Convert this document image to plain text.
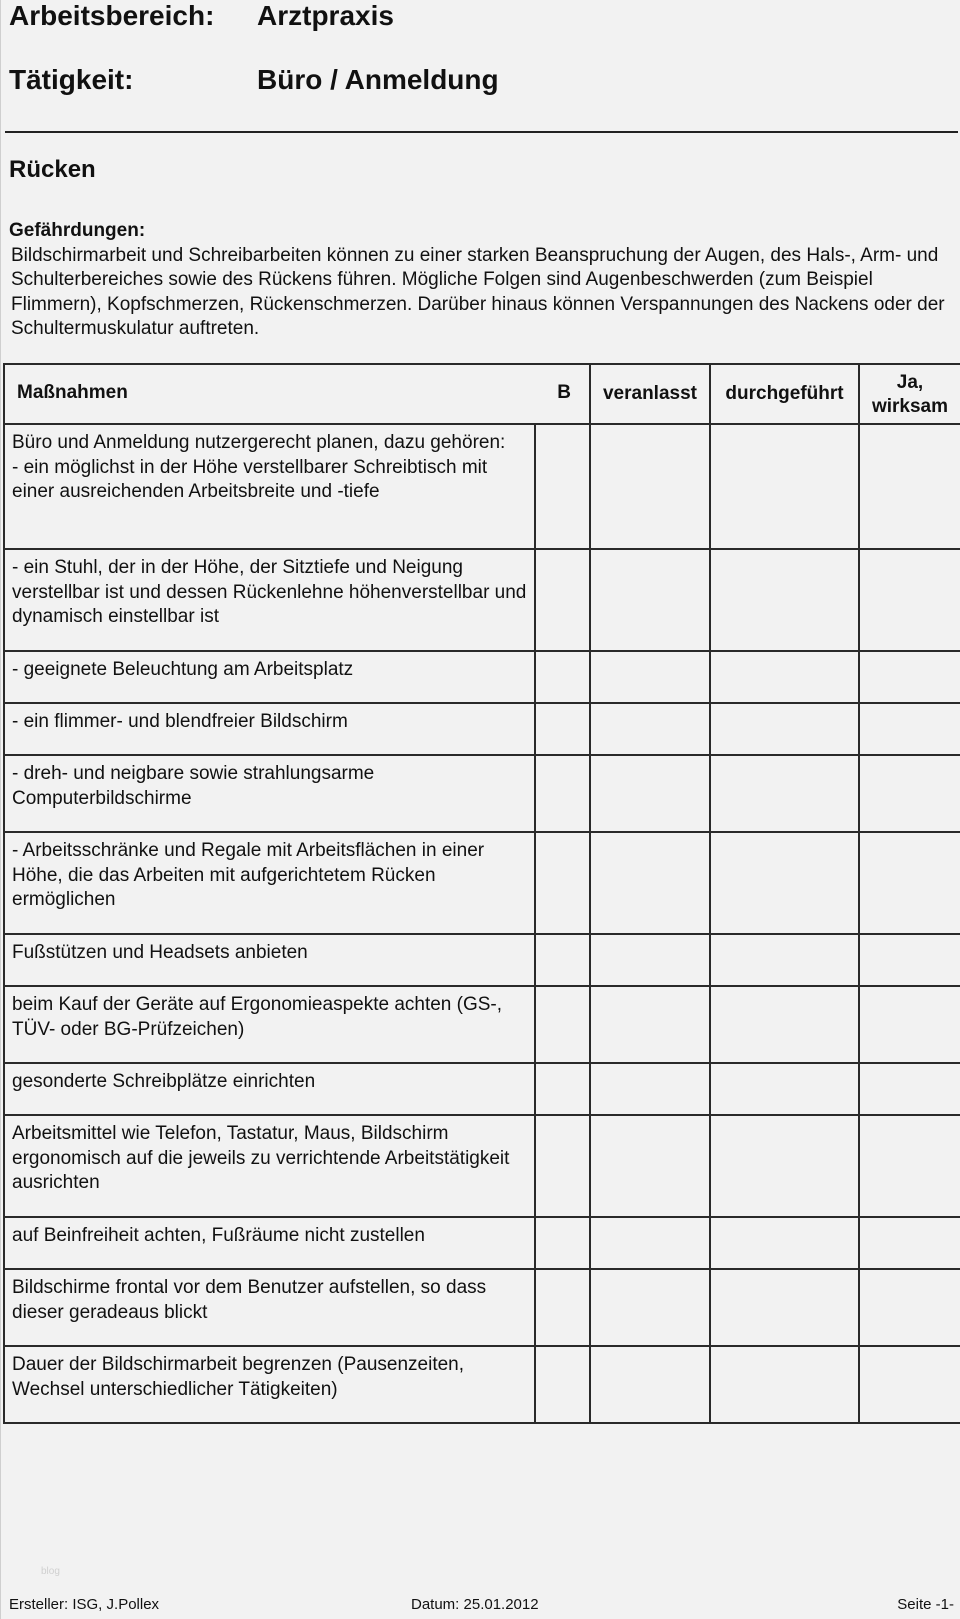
Arbeitsbereich: Arztpraxis
Tätigkeit:	Büro / Anmeldung
Rücken
Gefährdungen:
Bildschirmarbeit und Schreibarbeiten können zu einer starken Beanspruchung der Augen, des Hals-, Arm- und Schulterbereiches sowie des Rückens führen. Mögliche Folgen sind Augenbeschwerden (zum Beispiel Flimmern), Kopfschmerzen, Rückenschmerzen. Darüber hinaus können Verspannungen des Nackens oder der Schultermuskulatur auftreten.
Maßnahmen B		veranlasst	durchgeführt	Ja, wirksam
Büro und Anmeldung nutzergerecht planen, dazu gehören:
- ein möglichst in der Höhe verstellbarer Schreibtisch mit einer ausreichenden Arbeitsbreite und -tiefe				
- ein Stuhl, der in der Höhe, der Sitztiefe und Neigung verstellbar ist und dessen Rückenlehne höhenverstellbar und dynamisch einstellbar ist				
- geeignete Beleuchtung am Arbeitsplatz				
- ein flimmer- und blendfreier Bildschirm				
- dreh- und neigbare sowie strahlungsarme Computerbildschirme				
- Arbeitsschränke und Regale mit Arbeitsflächen in einer Höhe, die das Arbeiten mit aufgerichtetem Rücken ermöglichen				
Fußstützen und Headsets anbieten				
beim Kauf der Geräte auf Ergonomieaspekte achten (GS-, TÜV- oder BG-Prüfzeichen)				
gesonderte Schreibplätze einrichten				
Arbeitsmittel wie Telefon, Tastatur, Maus, Bildschirm ergonomisch auf die jeweils zu verrichtende Arbeitstätigkeit ausrichten				
auf Beinfreiheit achten, Fußräume nicht zustellen				
Bildschirme frontal vor dem Benutzer aufstellen, so dass dieser geradeaus blickt				
Dauer der Bildschirmarbeit begrenzen (Pausenzeiten, Wechsel unterschiedlicher Tätigkeiten)				
blog
Ersteller: ISG, J.Pollex	Datum: 25.01.2012	Seite -1-
